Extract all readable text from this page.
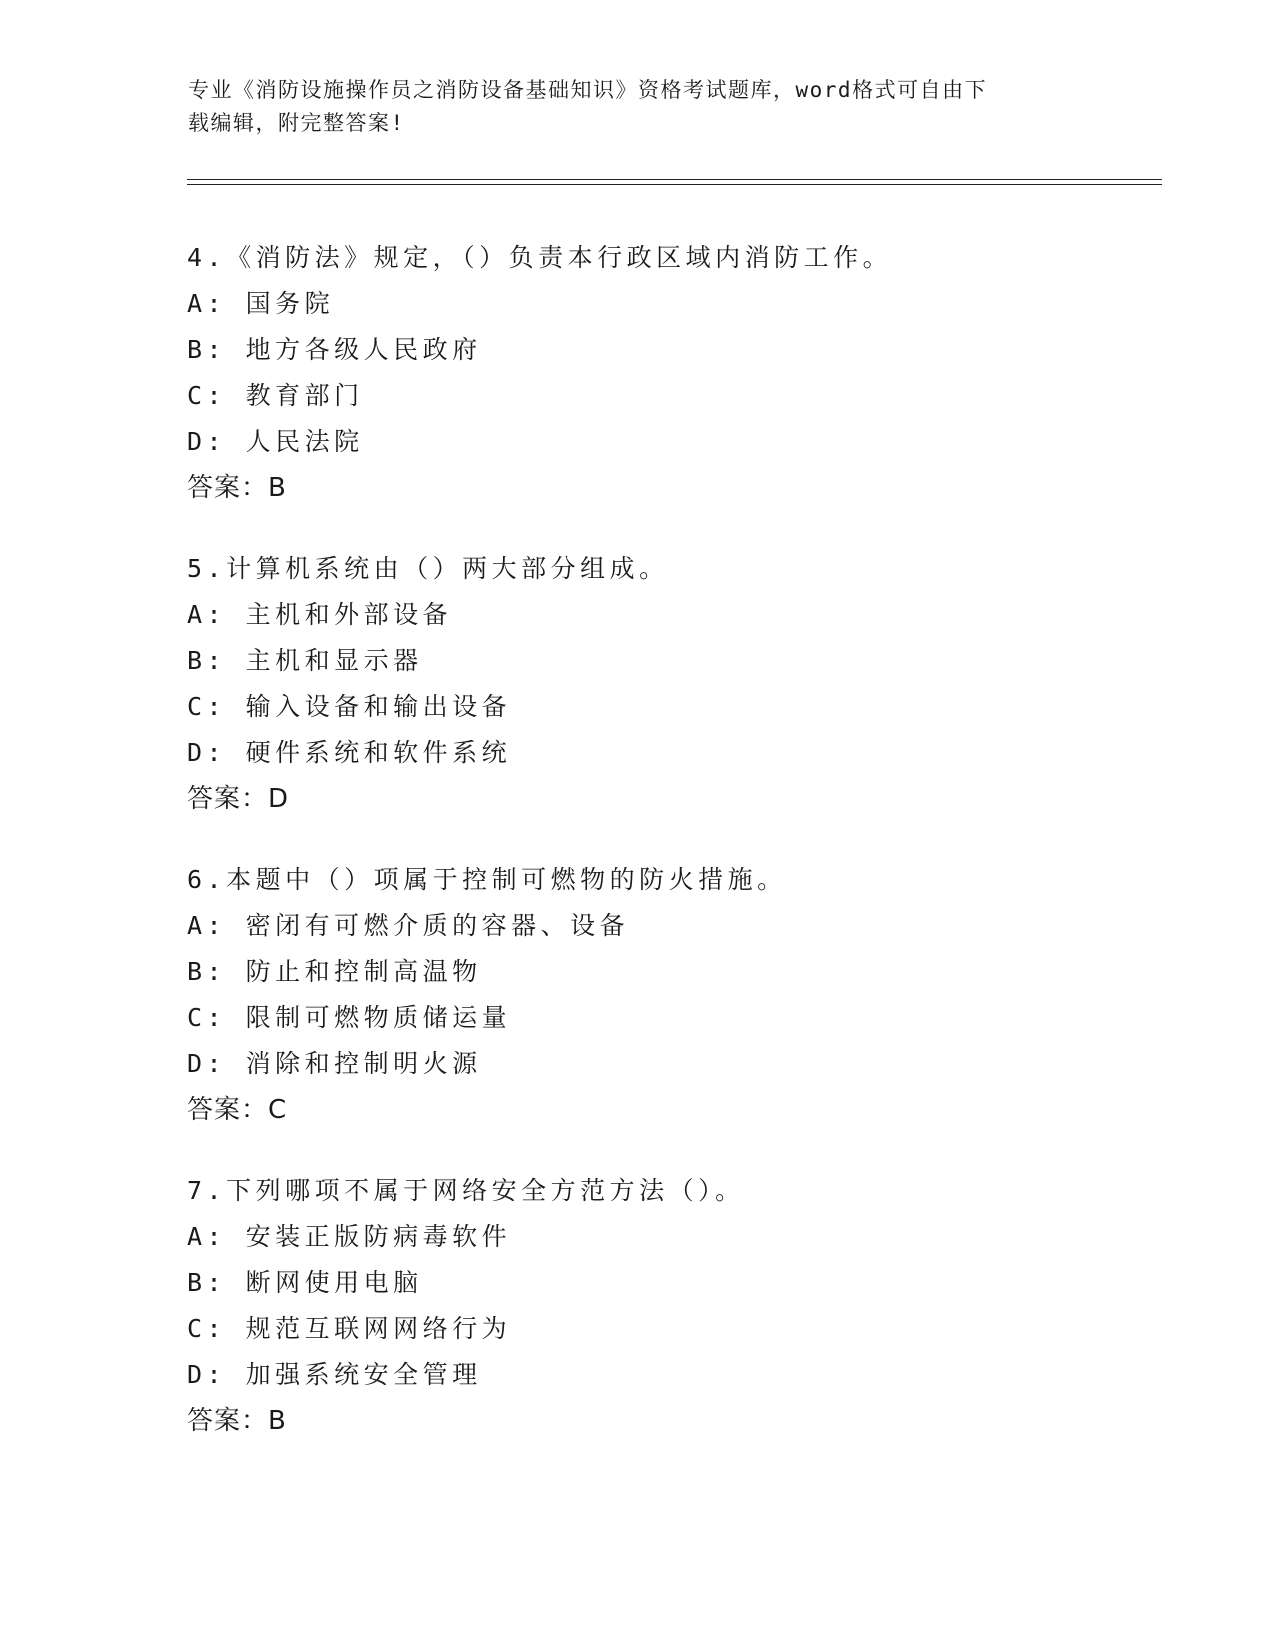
专业《消防设施操作员之消防设备基础知识》资格考试题库，word格式可自由下
载编辑，附完整答案!

4.《消防法》规定，（）负责本行政区域内消防工作。

A: 国务院

B: 地方各级人民政府

C: 教育部门

D: 人民法院

答案：B

5.计算机系统由（）两大部分组成。

A: 主机和外部设备

B: 主机和显示器

C: 输入设备和输出设备

D: 硬件系统和软件系统

答案：D

6.本题中（）项属于控制可燃物的防火措施。

A: 密闭有可燃介质的容器、设备

B: 防止和控制高温物

C: 限制可燃物质储运量

D: 消除和控制明火源

答案：C

7.下列哪项不属于网络安全方范方法（）。

A: 安装正版防病毒软件

B: 断网使用电脑

C: 规范互联网网络行为

D: 加强系统安全管理

答案：B
